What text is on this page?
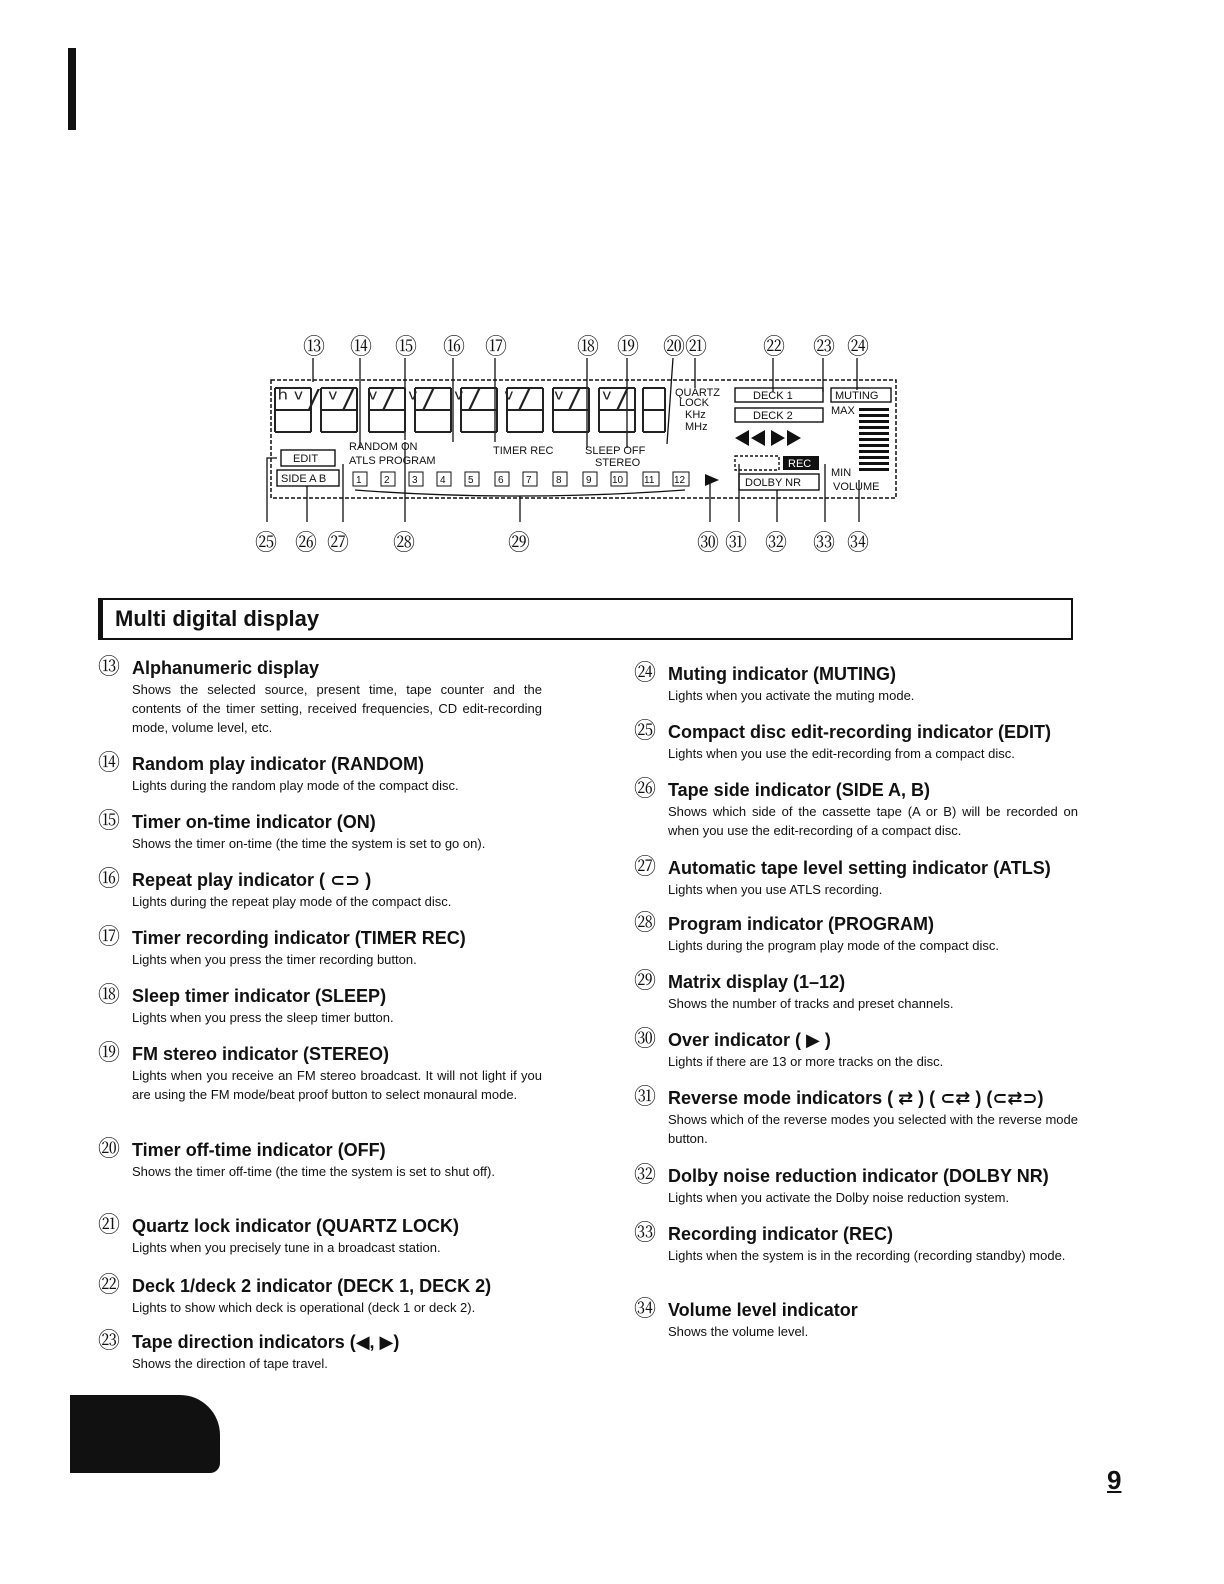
⑬ ⑭ ⑮ ⑯ ⑰	⑱ ⑲ ⑳ ㉑	㉒ ㉓ ㉔
ʰᵛ/ ᵛ/ ᵛ/ ᵛ/ ᵛ/ ᵛ/ ᵛ/ ᵛ/
RANDOM ON
ATLS PROGRAM
TIMER REC	SLEEP OFF
STEREO
QUARTZ
LOCK
KHz
MHz
DECK 1
DECK 2
REC
DOLBY NR
MUTING
MAX
MIN
VOLUME
EDIT
SIDE A B	1 2 3 4 5 6 7 8 9 10 11 12
㉕ ㉖ ㉗ ㉘	㉙	㉚ ㉛ ㉜ ㉝ ㉞
Multi digital display
⑬ Alphanumeric display

Shows the selected source, present time, tape counter and the contents of the timer setting, received frequencies, CD edit-recording mode, volume level, etc.

⑭ Random play indicator (RANDOM)

Lights during the random play mode of the compact disc.

⑮ Timer on-time indicator (ON)

Shows the timer on-time (the time the system is set to go on).

⑯ Repeat play indicator ( ⊂⊃ )

Lights during the repeat play mode of the compact disc.

⑰ Timer recording indicator (TIMER REC)

Lights when you press the timer recording button.

⑱ Sleep timer indicator (SLEEP)

Lights when you press the sleep timer button.

⑲ FM stereo indicator (STEREO)

Lights when you receive an FM stereo broadcast. It will not light if you are using the FM mode/beat proof button to select monaural mode.

⑳ Timer off-time indicator (OFF)

Shows the timer off-time (the time the system is set to shut off).

㉑ Quartz lock indicator (QUARTZ LOCK)

Lights when you precisely tune in a broadcast station.

㉒ Deck 1/deck 2 indicator (DECK 1, DECK 2)

Lights to show which deck is operational (deck 1 or deck 2).

㉓ Tape direction indicators (◀, ▶)

Shows the direction of tape travel.

㉔ Muting indicator (MUTING)

Lights when you activate the muting mode.

㉕ Compact disc edit-recording indicator (EDIT)

Lights when you use the edit-recording from a compact disc.

㉖ Tape side indicator (SIDE A, B)

Shows which side of the cassette tape (A or B) will be recorded on when you use the edit-recording of a compact disc.

㉗ Automatic tape level setting indicator (ATLS)

Lights when you use ATLS recording.

㉘ Program indicator (PROGRAM)

Lights during the program play mode of the compact disc.

㉙ Matrix display (1–12)

Shows the number of tracks and preset channels.

㉚ Over indicator ( ▶ )

Lights if there are 13 or more tracks on the disc.

㉛ Reverse mode indicators ( ⇄ ) ( ⊂⇄ ) (⊂⇄⊃)

Shows which of the reverse modes you selected with the reverse mode button.

㉜ Dolby noise reduction indicator (DOLBY NR)

Lights when you activate the Dolby noise reduction system.

㉝ Recording indicator (REC)

Lights when the system is in the recording (recording standby) mode.

㉞ Volume level indicator

Shows the volume level.

9
